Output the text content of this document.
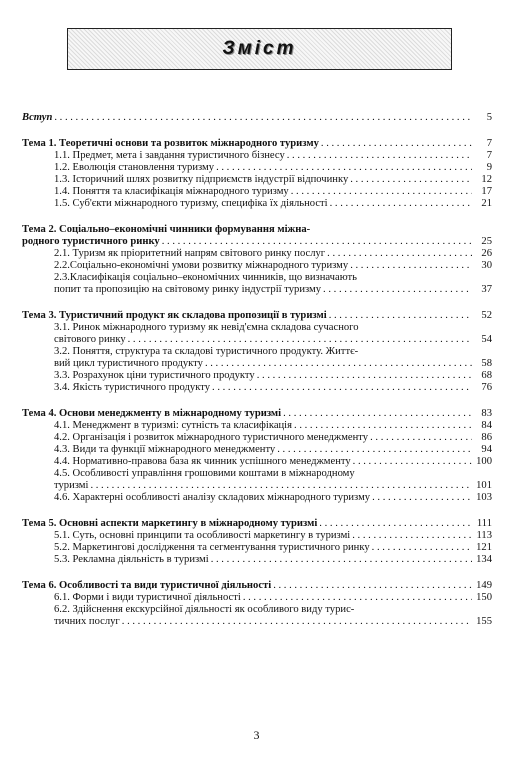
Зміст
Вступ . . .	5
Тема 1. Теоретичні основи та розвиток міжнародного туризму . . .	7
1.1. Предмет, мета і завдання туристичного бізнесу . . .	7
1.2. Еволюція становлення туризму . . .	9
1.3. Історичний шлях розвитку підприємств індустрії відпочинку . . .	12
1.4. Поняття та класифікація міжнародного туризму . . .	17
1.5. Суб'єкти міжнародного туризму, специфіка їх діяльності . . .	21
Тема 2. Соціально–економічні чинники формування міжна-
родного туристичного ринку . . .	25
2.1. Туризм як пріоритетний напрям світового ринку послуг . . .	26
2.2.Соціально-економічні умови розвитку міжнародного туризму . . .	30
2.3.Класифікація соціально–економічних чинників, що визначають
попит та пропозицію на світовому ринку індустрії туризму . . .	37
Тема 3. Туристичний продукт як складова пропозиції в туризмі . . .	52
3.1. Ринок міжнародного туризму як невід'ємна складова сучасного
світового ринку . . .	54
3.2. Поняття, структура та складові туристичного продукту. Життє-
вий цикл туристичного продукту . . .	58
3.3. Розрахунок ціни туристичного продукту . . .	68
3.4. Якість туристичного продукту . . .	76
Тема 4. Основи менеджменту в міжнародному туризмі . . .	83
4.1. Менеджмент в туризмі: сутність та класифікація . . .	84
4.2. Організація і розвиток міжнародного туристичного менеджменту . . .	86
4.3. Види та функції міжнародного менеджменту . . .	94
4.4. Нормативно-правова база як чинник успішного менеджменту . . .	100
4.5. Особливості управління грошовими коштами в міжнародному
туризмі . . .	101
4.6. Характерні особливості аналізу складових міжнародного туризму . . .	103
Тема 5. Основні аспекти маркетингу в міжнародному туризмі . . .	111
5.1. Суть, основні принципи та особливості маркетингу в туризмі . . .	113
5.2. Маркетингові дослідження та сегментування туристичного ринку . . .	121
5.3. Рекламна діяльність в туризмі . . .	134
Тема 6. Особливості та види туристичної діяльності . . .	149
6.1. Форми і види туристичної діяльності . . .	150
6.2. Здійснення екскурсійної діяльності як особливого виду турис-
тичних послуг . . .	155
3
